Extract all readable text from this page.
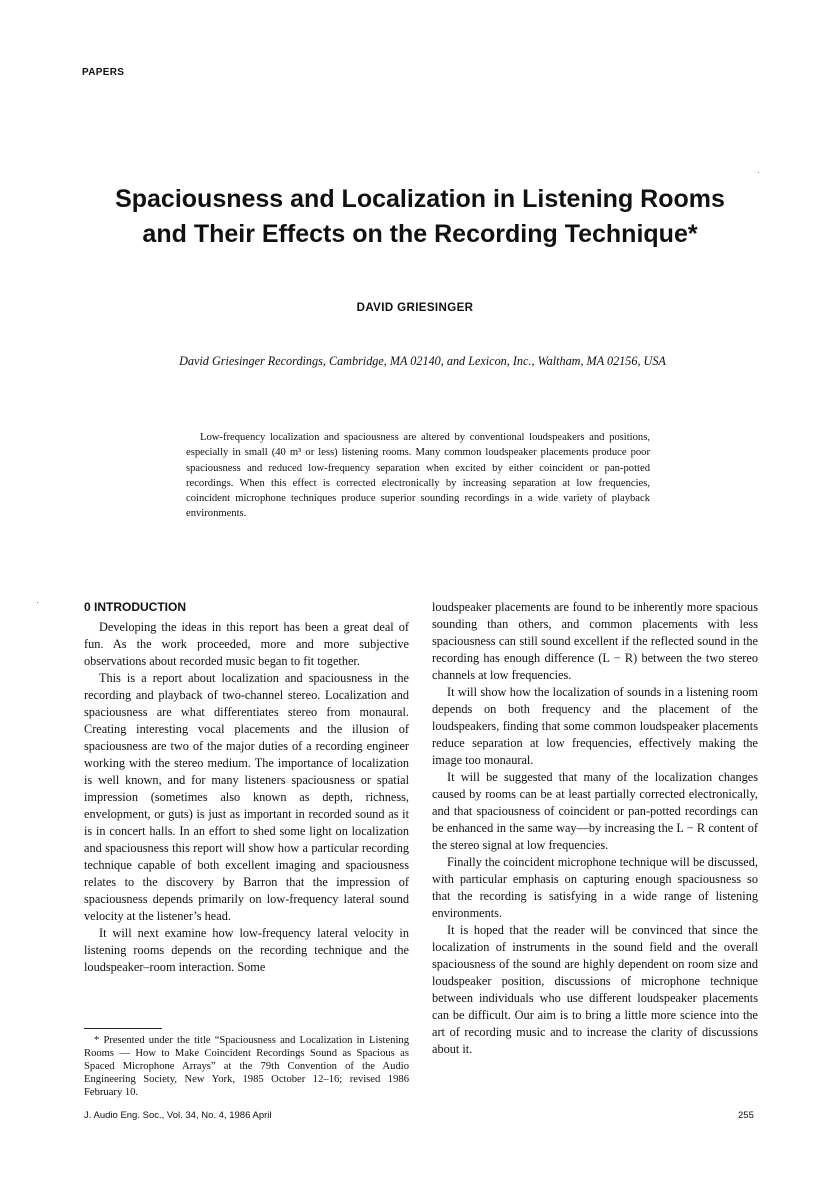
PAPERS
Spaciousness and Localization in Listening Rooms
and Their Effects on the Recording Technique*
DAVID GRIESINGER
David Griesinger Recordings, Cambridge, MA 02140, and Lexicon, Inc., Waltham, MA 02156, USA
Low-frequency localization and spaciousness are altered by conventional loudspeakers and positions, especially in small (40 m³ or less) listening rooms. Many common loudspeaker placements produce poor spaciousness and reduced low-frequency separation when excited by either coincident or pan-potted recordings. When this effect is corrected electronically by increasing separation at low frequencies, coincident microphone techniques produce superior sounding recordings in a wide variety of playback environments.
0 INTRODUCTION

Developing the ideas in this report has been a great deal of fun. As the work proceeded, more and more subjective observations about recorded music began to fit together.

This is a report about localization and spaciousness in the recording and playback of two-channel stereo. Localization and spaciousness are what differentiates stereo from monaural. Creating interesting vocal placements and the illusion of spaciousness are two of the major duties of a recording engineer working with the stereo medium. The importance of localization is well known, and for many listeners spaciousness or spatial impression (sometimes also known as depth, richness, envelopment, or guts) is just as important in recorded sound as it is in concert halls. In an effort to shed some light on localization and spaciousness this report will show how a particular recording technique capable of both excellent imaging and spaciousness relates to the discovery by Barron that the impression of spaciousness depends primarily on low-frequency lateral sound velocity at the listener’s head.

It will next examine how low-frequency lateral velocity in listening rooms depends on the recording technique and the loudspeaker–room interaction. Some

loudspeaker placements are found to be inherently more spacious sounding than others, and common placements with less spaciousness can still sound excellent if the reflected sound in the recording has enough difference (L − R) between the two stereo channels at low frequencies.

It will show how the localization of sounds in a listening room depends on both frequency and the placement of the loudspeakers, finding that some common loudspeaker placements reduce separation at low frequencies, effectively making the image too monaural.

It will be suggested that many of the localization changes caused by rooms can be at least partially corrected electronically, and that spaciousness of coincident or pan-potted recordings can be enhanced in the same way—by increasing the L − R content of the stereo signal at low frequencies.

Finally the coincident microphone technique will be discussed, with particular emphasis on capturing enough spaciousness so that the recording is satisfying in a wide range of listening environments.

It is hoped that the reader will be convinced that since the localization of instruments in the sound field and the overall spaciousness of the sound are highly dependent on room size and loudspeaker position, discussions of microphone technique between individuals who use different loudspeaker placements can be difficult. Our aim is to bring a little more science into the art of recording music and to increase the clarity of discussions about it.

* Presented under the title “Spaciousness and Localization in Listening Rooms — How to Make Coincident Recordings Sound as Spacious as Spaced Microphone Arrays” at the 79th Convention of the Audio Engineering Society, New York, 1985 October 12–16; revised 1986 February 10.
J. Audio Eng. Soc., Vol. 34, No. 4, 1986 April	255
·
·
